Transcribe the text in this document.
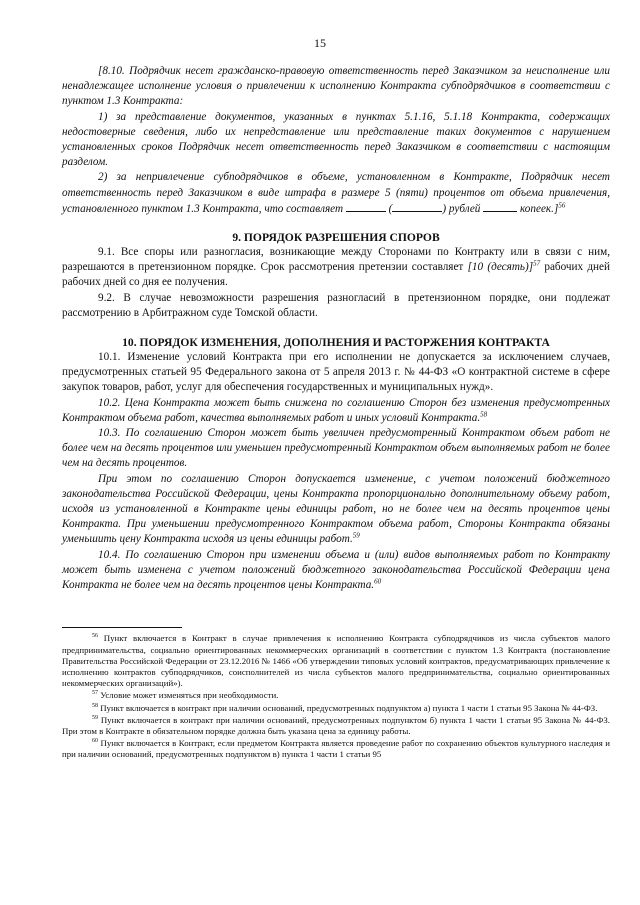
15

[8.10. Подрядчик несет гражданско-правовую ответственность перед Заказчиком за неисполнение или ненадлежащее исполнение условия о привлечении к исполнению Контракта субподрядчиков в соответствии с пунктом 1.3 Контракта:

1) за представление документов, указанных в пунктах 5.1.16, 5.1.18 Контракта, содержащих недостоверные сведения, либо их непредставление или представление таких документов с нарушением установленных сроков Подрядчик несет ответственность перед Заказчиком в соответствии с настоящим разделом.

2) за непривлечение субподрядчиков в объеме, установленном в Контракте, Подрядчик несет ответственность перед Заказчиком в виде штрафа в размере 5 (пяти) процентов от объема привлечения, установленного пунктом 1.3 Контракта, что составляет	(	) рублей	копеек.]$^{56}$

9. ПОРЯДОК РАЗРЕШЕНИЯ СПОРОВ

9.1. Все споры или разногласия, возникающие между Сторонами по Контракту или в связи с ним, разрешаются в претензионном порядке. Срок рассмотрения претензии составляет [10 (десять)]$^{57}$ рабочих дней рабочих дней со дня ее получения.

9.2. В случае невозможности разрешения разногласий в претензионном порядке, они подлежат рассмотрению в Арбитражном суде Томской области.

10. ПОРЯДОК ИЗМЕНЕНИЯ, ДОПОЛНЕНИЯ И РАСТОРЖЕНИЯ КОНТРАКТА

10.1. Изменение условий Контракта при его исполнении не допускается за исключением случаев, предусмотренных статьей 95 Федерального закона от 5 апреля 2013 г. № 44-ФЗ «О контрактной системе в сфере закупок товаров, работ, услуг для обеспечения государственных и муниципальных нужд».

10.2. Цена Контракта может быть снижена по соглашению Сторон без изменения предусмотренных Контрактом объема работ, качества выполняемых работ и иных условий Контракта.$^{58}$

10.3. По соглашению Сторон может быть увеличен предусмотренный Контрактом объем работ не более чем на десять процентов или уменьшен предусмотренный Контрактом объем выполняемых работ не более чем на десять процентов.

При этом по соглашению Сторон допускается изменение, с учетом положений бюджетного законодательства Российской Федерации, цены Контракта пропорционально дополнительному объему работ, исходя из установленной в Контракте цены единицы работ, но не более чем на десять процентов цены Контракта. При уменьшении предусмотренного Контрактом объема работ, Стороны Контракта обязаны уменьшить цену Контракта исходя из цены единицы работ.$^{59}$

10.4. По соглашению Сторон при изменении объема и (или) видов выполняемых работ по Контракту может быть изменена с учетом положений бюджетного законодательства Российской Федерации цена Контракта не более чем на десять процентов цены Контракта.$^{60}$

$^{56}$ Пункт включается в Контракт в случае привлечения к исполнению Контракта субподрядчиков из числа субъектов малого предпринимательства, социально ориентированных некоммерческих организаций в соответствии с пунктом 1.3 Контракта (постановление Правительства Российской Федерации от 23.12.2016 № 1466 «Об утверждении типовых условий контрактов, предусматривающих привлечение к исполнению контрактов субподрядчиков, соисполнителей из числа субъектов малого предпринимательства, социально ориентированных некоммерческих организаций»).

$^{57}$ Условие может изменяться при необходимости.

$^{58}$ Пункт включается в контракт при наличии оснований, предусмотренных подпунктом а) пункта 1 части 1 статьи 95 Закона № 44-ФЗ.

$^{59}$ Пункт включается в контракт при наличии оснований, предусмотренных подпунктом б) пункта 1 части 1 статьи 95 Закона № 44-ФЗ. При этом в Контракте в обязательном порядке должна быть указана цена за единицу работы.

$^{60}$ Пункт включается в Контракт, если предметом Контракта является проведение работ по сохранению объектов культурного наследия и при наличии оснований, предусмотренных подпунктом в) пункта 1 части 1 статьи 95
